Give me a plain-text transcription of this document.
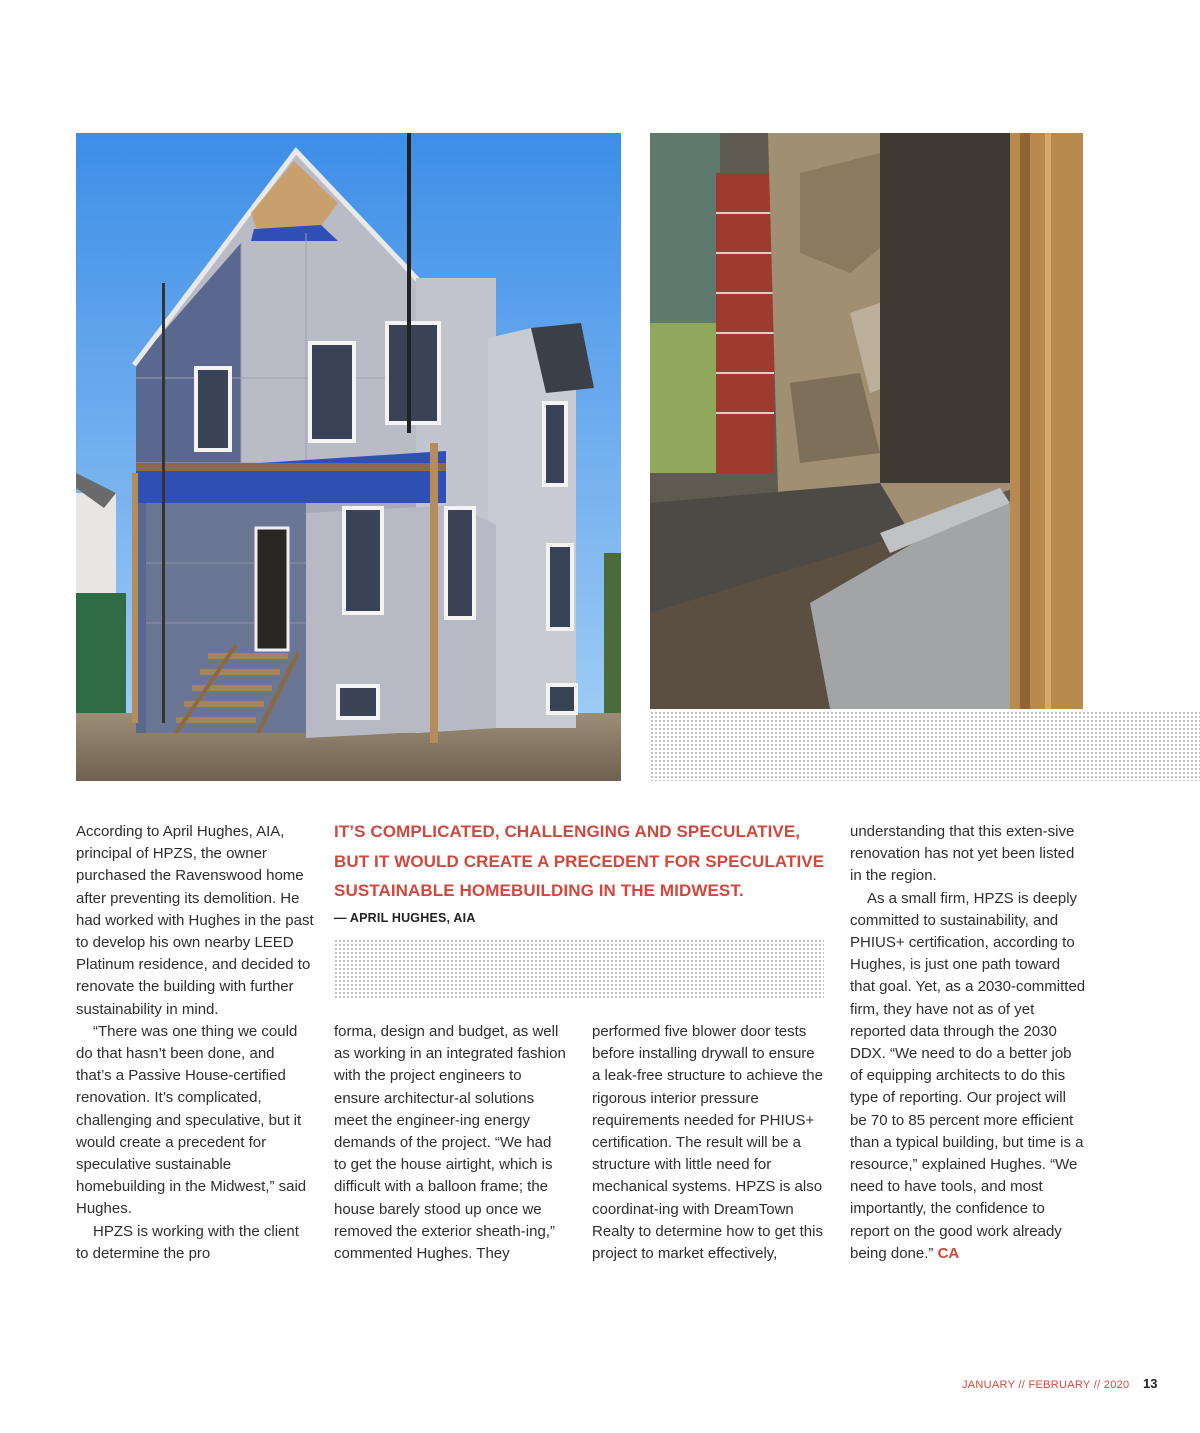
According to April Hughes, AIA, principal of HPZS, the owner purchased the Ravenswood home after preventing its demolition. He had worked with Hughes in the past to develop his own nearby LEED Platinum residence, and decided to renovate the building with further sustainability in mind.

“There was one thing we could do that hasn’t been done, and that’s a Passive House-certified renovation. It’s complicated, challenging and speculative, but it would create a precedent for speculative sustainable homebuilding in the Midwest,” said Hughes.

HPZS is working with the client to determine the pro

IT’S COMPLICATED, CHALLENGING AND SPECULATIVE, BUT IT WOULD CREATE A PRECEDENT FOR SPECULATIVE SUSTAINABLE HOMEBUILDING IN THE MIDWEST.
— APRIL HUGHES, AIA

forma, design and budget, as well as working in an integrated fashion with the project engineers to ensure architectur-al solutions meet the engineer-ing energy demands of the project. “We had to get the house airtight, which is difficult with a balloon frame; the house barely stood up once we removed the exterior sheath-ing,” commented Hughes. They

performed five blower door tests before installing drywall to ensure a leak-free structure to achieve the rigorous interior pressure requirements needed for PHIUS+ certification. The result will be a structure with little need for mechanical systems. HPZS is also coordinat-ing with DreamTown Realty to determine how to get this project to market effectively,

understanding that this exten-sive renovation has not yet been listed in the region.

As a small firm, HPZS is deeply committed to sustainability, and PHIUS+ certification, according to Hughes, is just one path toward that goal. Yet, as a 2030-committed firm, they have not as of yet reported data through the 2030 DDX. “We need to do a better job of equipping architects to do this type of reporting. Our project will be 70 to 85 percent more efficient than a typical building, but time is a resource,” explained Hughes. “We need to have tools, and most importantly, the confidence to report on the good work already being done.” CA

JANUARY // FEBRUARY // 2020 13
